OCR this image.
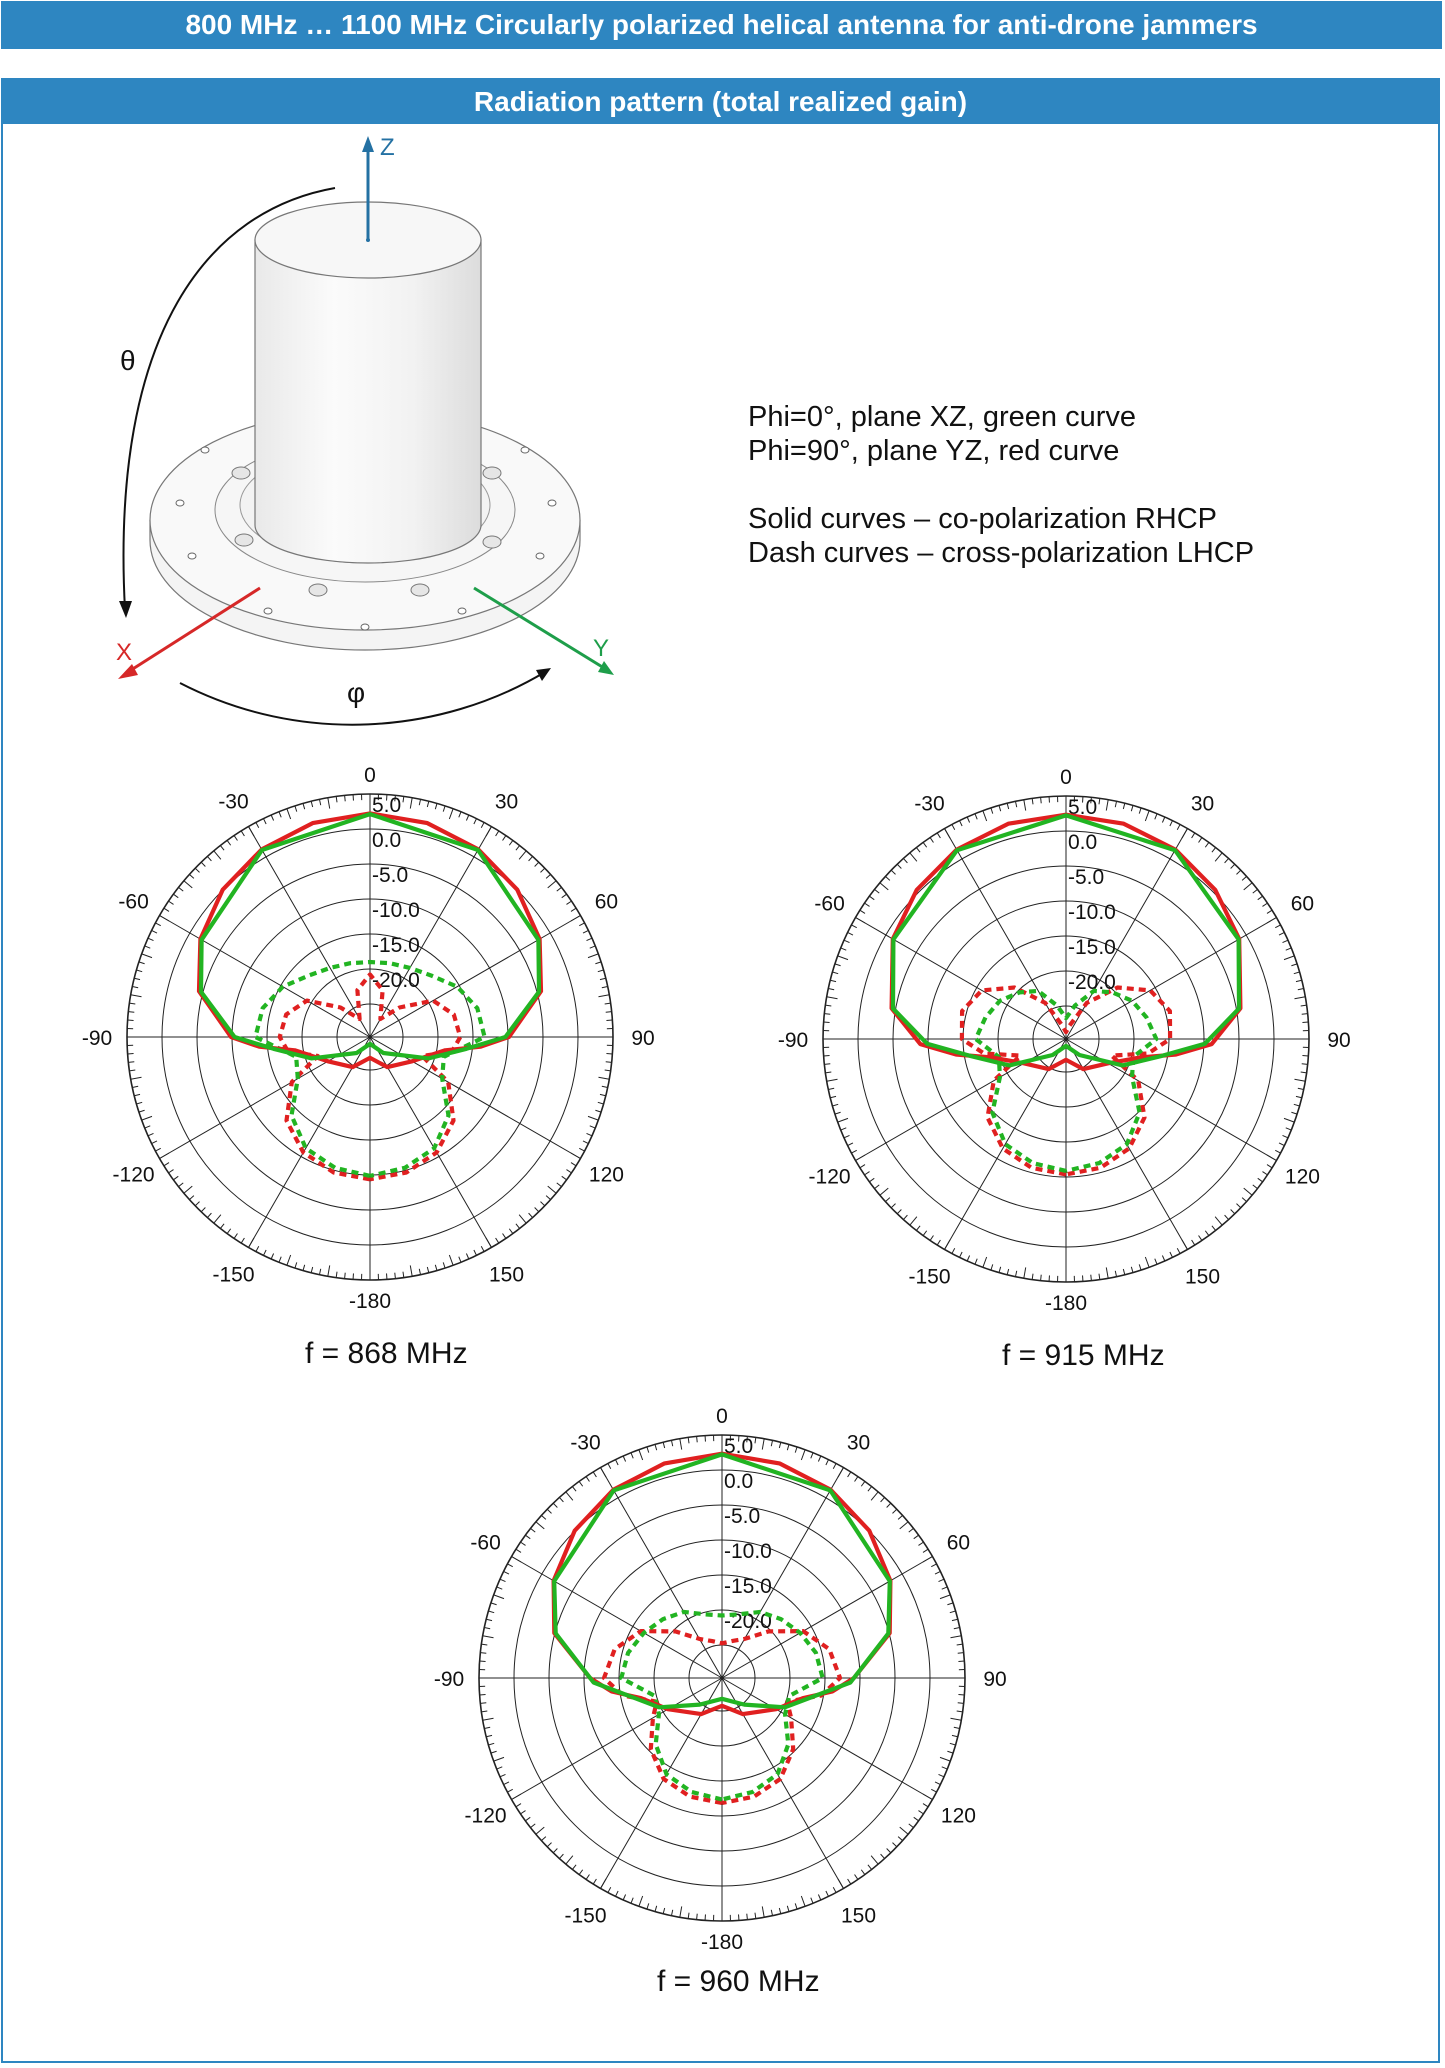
800 MHz … 1100 MHz Circularly polarized helical antenna for anti-drone jammers
Radiation pattern (total realized gain)
Z
X	Y
θ
φ
Phi=0°, plane XZ, green curve
Phi=90°, plane YZ, red curve
Solid curves – co-polarization RHCP
Dash curves – cross-polarization LHCP
0
30
60
90
120
150
-180
-150
-120
-90
-60
-30	5.0
0.0
-5.0
-10.0
-15.0
-20.0
f = 868 MHz
0
30
60
90
120
150
-180
-150
-120
-90
-60
-30	5.0
0.0
-5.0
-10.0
-15.0
-20.0
f = 915 MHz
0
30
60
90
120
150
-180
-150
-120
-90
-60
-30	5.0
0.0
-5.0
-10.0
-15.0
-20.0
f = 960 MHz
